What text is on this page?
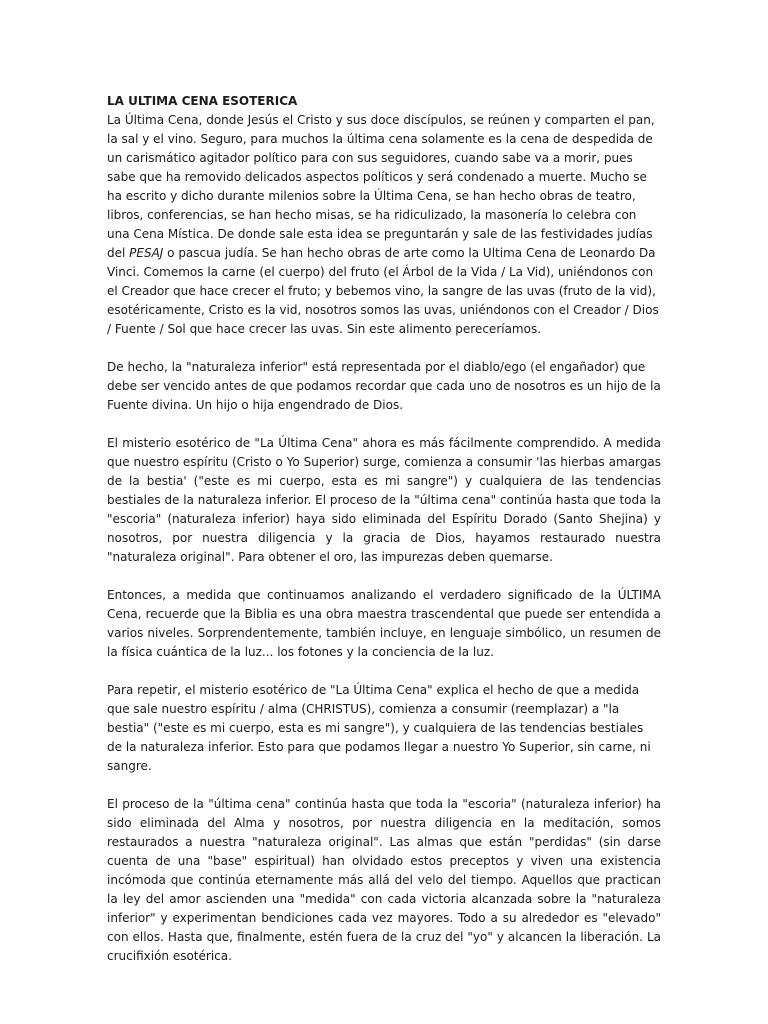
LA ULTIMA CENA ESOTERICA

La Última Cena, donde Jesús el Cristo y sus doce discípulos, se reúnen y comparten el pan, la sal y el vino. Seguro, para muchos la última cena solamente es la cena de despedida de un carismático agitador político para con sus seguidores, cuando sabe va a morir, pues sabe que ha removido delicados aspectos políticos y será condenado a muerte. Mucho se ha escrito y dicho durante milenios sobre la Última Cena, se han hecho obras de teatro, libros, conferencias, se han hecho misas, se ha ridiculizado, la masonería lo celebra con una Cena Mística. De donde sale esta idea se preguntarán y sale de las festividades judías del PESAJ o pascua judía. Se han hecho obras de arte como la Ultima Cena de Leonardo Da Vinci. Comemos la carne (el cuerpo) del fruto (el Árbol de la Vida / La Vid), uniéndonos con el Creador que hace crecer el fruto; y bebemos vino, la sangre de las uvas (fruto de la vid), esotéricamente, Cristo es la vid, nosotros somos las uvas, uniéndonos con el Creador / Dios / Fuente / Sol que hace crecer las uvas. Sin este alimento pereceríamos.

De hecho, la "naturaleza inferior" está representada por el diablo/ego (el engañador) que debe ser vencido antes de que podamos recordar que cada uno de nosotros es un hijo de la Fuente divina. Un hijo o hija engendrado de Dios.

El misterio esotérico de "La Última Cena" ahora es más fácilmente comprendido. A medida que nuestro espíritu (Cristo o Yo Superior) surge, comienza a consumir 'las hierbas amargas de la bestia' ("este es mi cuerpo, esta es mi sangre") y cualquiera de las tendencias bestiales de la naturaleza inferior. El proceso de la "última cena" continúa hasta que toda la "escoria" (naturaleza inferior) haya sido eliminada del Espíritu Dorado (Santo Shejina) y nosotros, por nuestra diligencia y la gracia de Dios, hayamos restaurado nuestra "naturaleza original". Para obtener el oro, las impurezas deben quemarse.

Entonces, a medida que continuamos analizando el verdadero significado de la ÚLTIMA Cena, recuerde que la Biblia es una obra maestra trascendental que puede ser entendida a varios niveles. Sorprendentemente, también incluye, en lenguaje simbólico, un resumen de la física cuántica de la luz... los fotones y la conciencia de la luz.

Para repetir, el misterio esotérico de "La Última Cena" explica el hecho de que a medida que sale nuestro espíritu / alma (CHRISTUS), comienza a consumir (reemplazar) a "la bestia" ("este es mi cuerpo, esta es mi sangre"), y cualquiera de las tendencias bestiales de la naturaleza inferior. Esto para que podamos llegar a nuestro Yo Superior, sin carne, ni sangre.

El proceso de la "última cena" continúa hasta que toda la "escoria" (naturaleza inferior) ha sido eliminada del Alma y nosotros, por nuestra diligencia en la meditación, somos restaurados a nuestra "naturaleza original". Las almas que están "perdidas" (sin darse cuenta de una "base" espiritual) han olvidado estos preceptos y viven una existencia incómoda que continúa eternamente más allá del velo del tiempo. Aquellos que practican la ley del amor ascienden una "medida" con cada victoria alcanzada sobre la "naturaleza inferior" y experimentan bendiciones cada vez mayores. Todo a su alrededor es "elevado" con ellos. Hasta que, finalmente, estén fuera de la cruz del "yo" y alcancen la liberación. La crucifixión esotérica.
